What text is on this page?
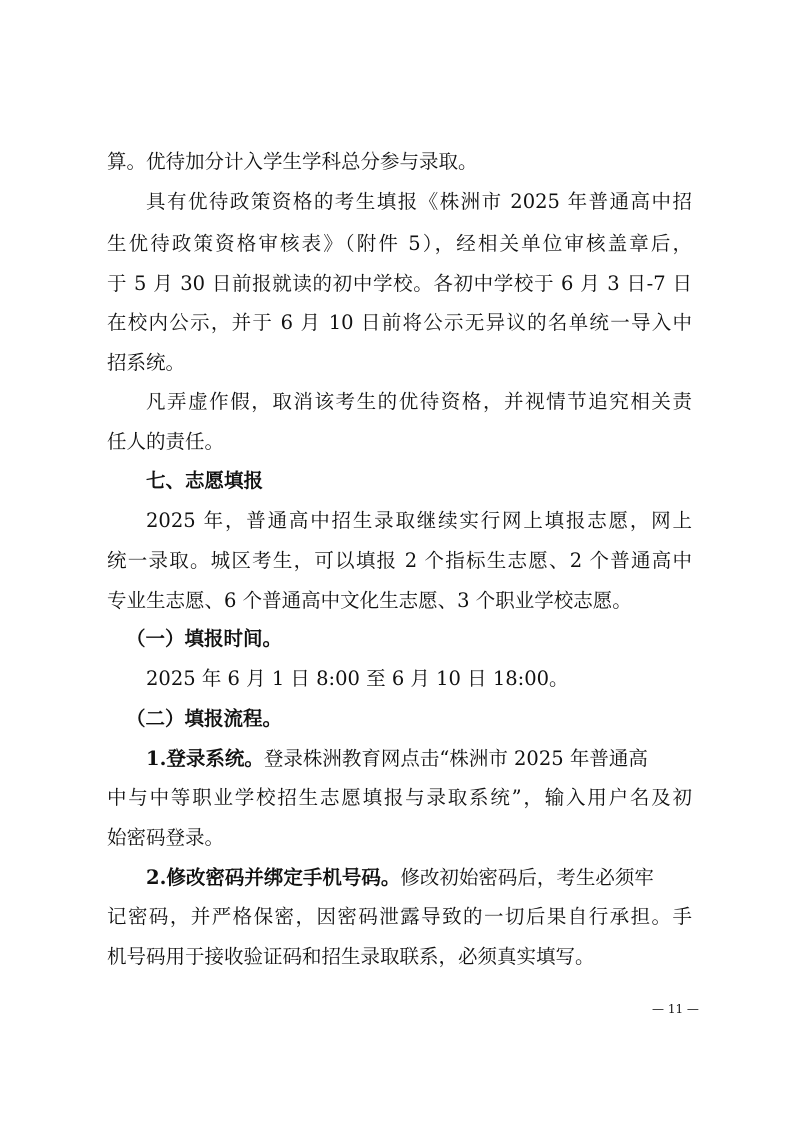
算。优待加分计入学生学科总分参与录取。
具有优待政策资格的考生填报《株洲市 2025 年普通高中招
生优待政策资格审核表》（附件 5），经相关单位审核盖章后，
于 5 月 30 日前报就读的初中学校。各初中学校于 6 月 3 日-7 日
在校内公示，并于 6 月 10 日前将公示无异议的名单统一导入中
招系统。
凡弄虚作假，取消该考生的优待资格，并视情节追究相关责
任人的责任。
七、志愿填报
2025 年，普通高中招生录取继续实行网上填报志愿，网上
统一录取。城区考生，可以填报 2 个指标生志愿、2 个普通高中
专业生志愿、6 个普通高中文化生志愿、3 个职业学校志愿。
（一）填报时间。
2025 年 6 月 1 日 8:00 至 6 月 10 日 18:00。
（二）填报流程。
1.登录系统。登录株洲教育网点击“株洲市 2025 年普通高
中与中等职业学校招生志愿填报与录取系统”，输入用户名及初
始密码登录。
2.修改密码并绑定手机号码。修改初始密码后，考生必须牢
记密码，并严格保密，因密码泄露导致的一切后果自行承担。手
机号码用于接收验证码和招生录取联系，必须真实填写。
— 11 —
